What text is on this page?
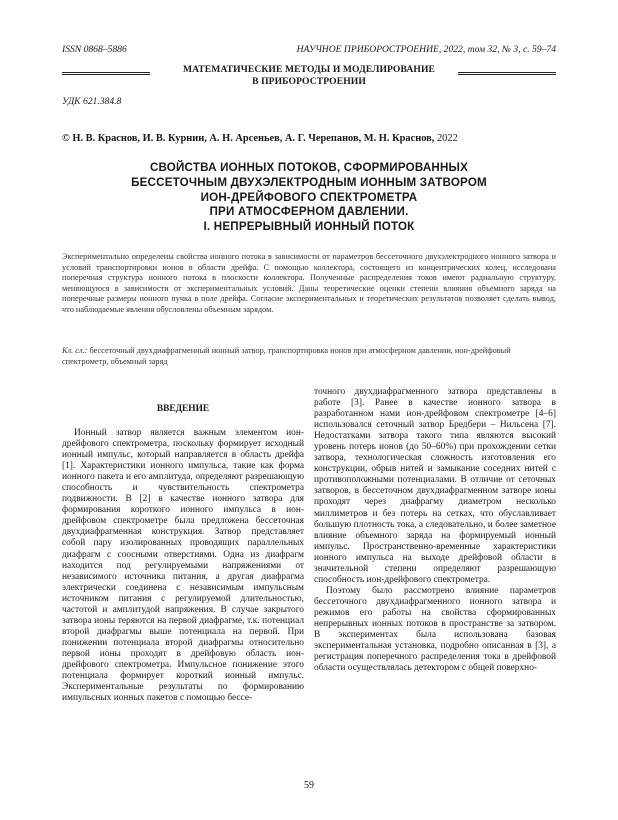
ISSN 0868–5886	НАУЧНОЕ ПРИБОРОСТРОЕНИЕ, 2022, том 32, № 3, с. 59–74
МАТЕМАТИЧЕСКИЕ МЕТОДЫ И МОДЕЛИРОВАНИЕ
В ПРИБОРОСТРОЕНИИ
УДК 621.384.8
© Н. В. Краснов, И. В. Курнин, А. Н. Арсеньев, А. Г. Черепанов, М. Н. Краснов, 2022
СВОЙСТВА ИОННЫХ ПОТОКОВ, СФОРМИРОВАННЫХ
БЕССЕТОЧНЫМ ДВУХЭЛЕКТРОДНЫМ ИОННЫМ ЗАТВОРОМ
ИОН-ДРЕЙФОВОГО СПЕКТРОМЕТРА
ПРИ АТМОСФЕРНОМ ДАВЛЕНИИ.
I. НЕПРЕРЫВНЫЙ ИОННЫЙ ПОТОК
Экспериментально определены свойства ионного потока в зависимости от параметров бессеточного двухэлектродного ионного затвора и условий транспортировки ионов в области дрейфа. С помощью коллектора, состоящего из концентрических колец, исследована поперечная структура ионного потока в плоскости коллектора. Полученные распределения токов имеют радиальную структуру, меняющуюся в зависимости от экспериментальных условий. Даны теоретические оценки степени влияния объемного заряда на поперечные размеры ионного пучка в поле дрейфа. Согласие экспериментальных и теоретических результатов позволяет сделать вывод, что наблюдаемые явления обусловлены объемным зарядом.
Кл. сл.: бессеточный двухдиафрагменный ионный затвор, транспортировка ионов при атмосферном давлении, ион-дрейфовый спектрометр, объемный заряд
ВВЕДЕНИЕ

Ионный затвор является важным элементом ион-дрейфового спектрометра, поскольку формирует исходный ионный импульс, который направляется в область дрейфа [1]. Характеристики ионного импульса, такие как форма ионного пакета и его амплитуда, определяют разрешающую способность и чувствительность спектрометра подвижности. В [2] в качестве ионного затвора для формирования короткого ионного импульса в ион-дрейфовом спектрометре была предложена бессеточная двухдиафрагменная конструкция. Затвор представляет собой пару изолированных проводящих параллельных диафрагм с соосными отверстиями. Одна из диафрагм находится под регулируемыми напряжениями от независимого источника питания, а другая диафрагма электрически соединена с независимым импульсным источником питания с регулируемой длительностью, частотой и амплитудой напряжения. В случае закрытого затвора ионы теряются на первой диафрагме, т.к. потенциал второй диафрагмы выше потенциала на первой. При понижении потенциала второй диафрагмы относительно первой ионы проходят в дрейфовую область ион-дрейфового спектрометра. Импульсное понижение этого потенциала формирует короткий ионный импульс. Экспериментальные результаты по формированию импульсных ионных пакетов с помощью бессе-

точного двухдиафрагменного затвора представлены в работе [3]. Ранее в качестве ионного затвора в разработанном нами ион-дрейфовом спектрометре [4–6] использовался сеточный затвор Бредбери – Нильсена [7]. Недостатками затвора такого типа являются высокий уровень потерь ионов (до 50–60%) при прохождении сетки затвора, технологическая сложность изготовления его конструкции, обрыв нитей и замыкание соседних нитей с противоположными потенциалами. В отличие от сеточных затворов, в бессеточном двухдиафрагменном затворе ионы проходят через диафрагму диаметром несколько миллиметров и без потерь на сетках, что обуславливает большую плотность тока, а следовательно, и более заметное влияние объемного заряда на формируемый ионный импульс. Пространственно-временные характеристики ионного импульса на выходе дрейфовой области в значительной степени определяют разрешающую способность ион-дрейфового спектрометра.

Поэтому было рассмотрено влияние параметров бессеточного двухдиафрагменного ионного затвора и режимов его работы на свойства сформированных непрерывных ионных потоков в пространстве за затвором. В экспериментах была использована базовая экспериментальная установка, подробно описанная в [3], а регистрация поперечного распределения тока в дрейфовой области осуществлялась детектором с общей поверхно-

59
